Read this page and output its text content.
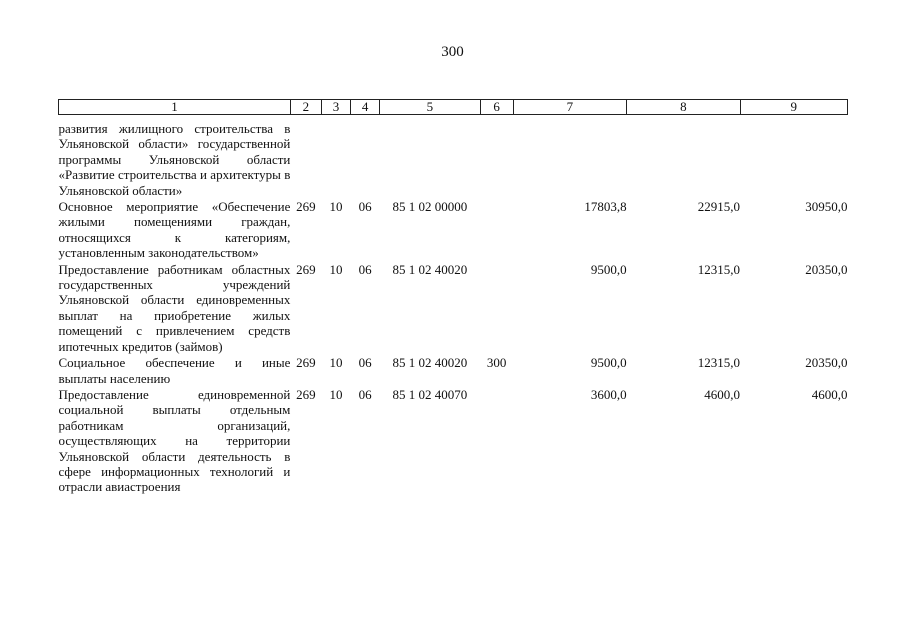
300
1	2	3	4	5	6	7	8	9
развития жилищного строительства в Ульяновской области» государственной программы Ульяновской области «Развитие строительства и архитектуры в Ульяновской области»								
Основное мероприятие «Обеспечение жилыми помещениями граждан, относящихся к категориям, установленным законодательством»	269	10	06	85 1 02 00000		17803,8	22915,0	30950,0
Предоставление работникам областных государственных учреждений Ульяновской области единовременных выплат на приобретение жилых помещений с привлечением средств ипотечных кредитов (займов)	269	10	06	85 1 02 40020		9500,0	12315,0	20350,0
Социальное обеспечение и иные выплаты населению	269	10	06	85 1 02 40020	300	9500,0	12315,0	20350,0
Предоставление единовременной социальной выплаты отдельным работникам организаций, осуществляющих на территории Ульяновской области деятельность в сфере информационных технологий и отрасли авиастроения	269	10	06	85 1 02 40070		3600,0	4600,0	4600,0
